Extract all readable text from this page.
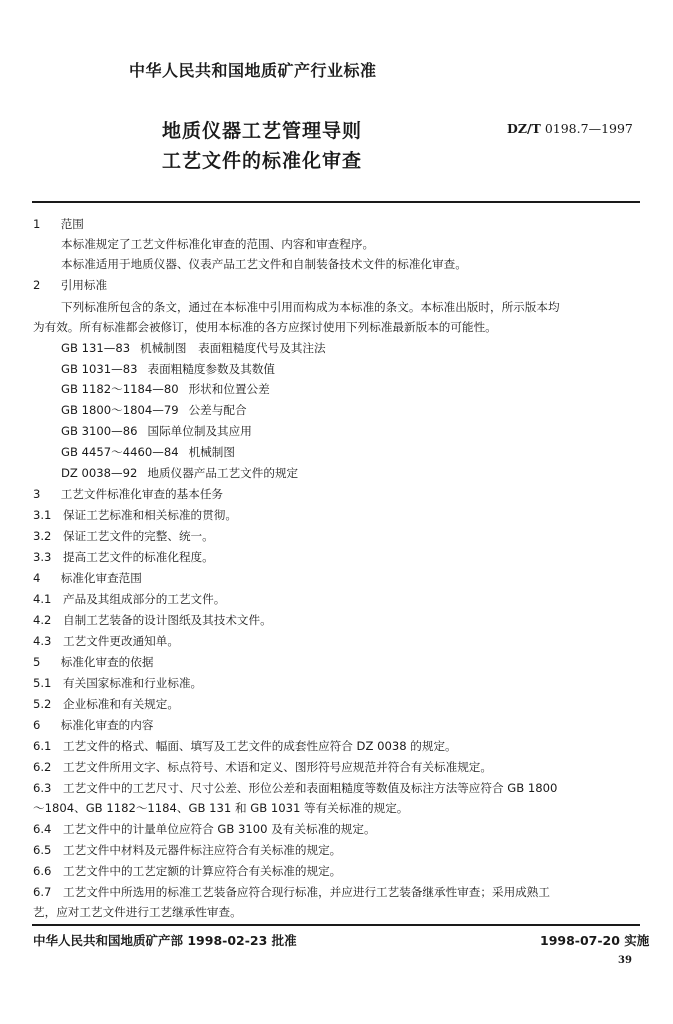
中华人民共和国地质矿产行业标准
地质仪器工艺管理导则
工艺文件的标准化审查
DZ/T 0198.7—1997
1 范围
本标准规定了工艺文件标准化审查的范围、内容和审查程序。
本标准适用于地质仪器、仪表产品工艺文件和自制装备技术文件的标准化审查。
2 引用标准
下列标准所包含的条文，通过在本标准中引用而构成为本标准的条文。本标准出版时，所示版本均
为有效。所有标准都会被修订，使用本标准的各方应探讨使用下列标准最新版本的可能性。
GB 131—83 机械制图　表面粗糙度代号及其注法
GB 1031—83 表面粗糙度参数及其数值
GB 1182～1184—80 形状和位置公差
GB 1800～1804—79 公差与配合
GB 3100—86 国际单位制及其应用
GB 4457～4460—84 机械制图
DZ 0038—92 地质仪器产品工艺文件的规定
3 工艺文件标准化审查的基本任务
3.1 保证工艺标准和相关标准的贯彻。
3.2 保证工艺文件的完整、统一。
3.3 提高工艺文件的标准化程度。
4 标准化审查范围
4.1 产品及其组成部分的工艺文件。
4.2 自制工艺装备的设计图纸及其技术文件。
4.3 工艺文件更改通知单。
5 标准化审查的依据
5.1 有关国家标准和行业标准。
5.2 企业标准和有关规定。
6 标准化审查的内容
6.1 工艺文件的格式、幅面、填写及工艺文件的成套性应符合 DZ 0038 的规定。
6.2 工艺文件所用文字、标点符号、术语和定义、图形符号应规范并符合有关标准规定。
6.3 工艺文件中的工艺尺寸、尺寸公差、形位公差和表面粗糙度等数值及标注方法等应符合 GB 1800
～1804、GB 1182～1184、GB 131 和 GB 1031 等有关标准的规定。
6.4 工艺文件中的计量单位应符合 GB 3100 及有关标准的规定。
6.5 工艺文件中材料及元器件标注应符合有关标准的规定。
6.6 工艺文件中的工艺定额的计算应符合有关标准的规定。
6.7 工艺文件中所选用的标准工艺装备应符合现行标准，并应进行工艺装备继承性审查；采用成熟工
艺，应对工艺文件进行工艺继承性审查。
中华人民共和国地质矿产部 1998-02-23 批准	1998-07-20 实施
39
